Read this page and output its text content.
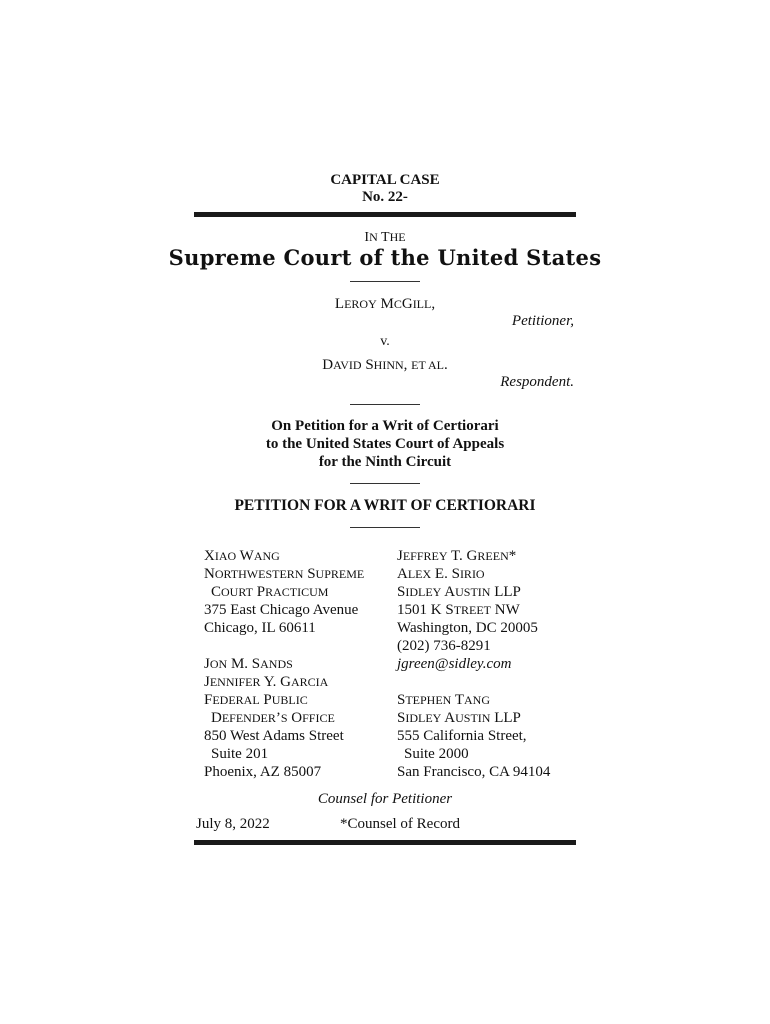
CAPITAL CASE
No. 22-
IN THE
Supreme Court of the United States
LEROY MCGILL,
Petitioner,
v.
DAVID SHINN, ET AL.
Respondent.
On Petition for a Writ of Certiorari
to the United States Court of Appeals
for the Ninth Circuit
PETITION FOR A WRIT OF CERTIORARI
XIAO WANG
NORTHWESTERN SUPREME
COURT PRACTICUM
375 East Chicago Avenue
Chicago, IL 60611
JON M. SANDS
JENNIFER Y. GARCIA
FEDERAL PUBLIC
DEFENDER’S OFFICE
850 West Adams Street
Suite 201
Phoenix, AZ 85007
JEFFREY T. GREEN*
ALEX E. SIRIO
SIDLEY AUSTIN LLP
1501 K STREET NW
Washington, DC 20005
(202) 736-8291
jgreen@sidley.com
STEPHEN TANG
SIDLEY AUSTIN LLP
555 California Street,
Suite 2000
San Francisco, CA 94104
Counsel for Petitioner
July 8, 2022	*Counsel of Record
